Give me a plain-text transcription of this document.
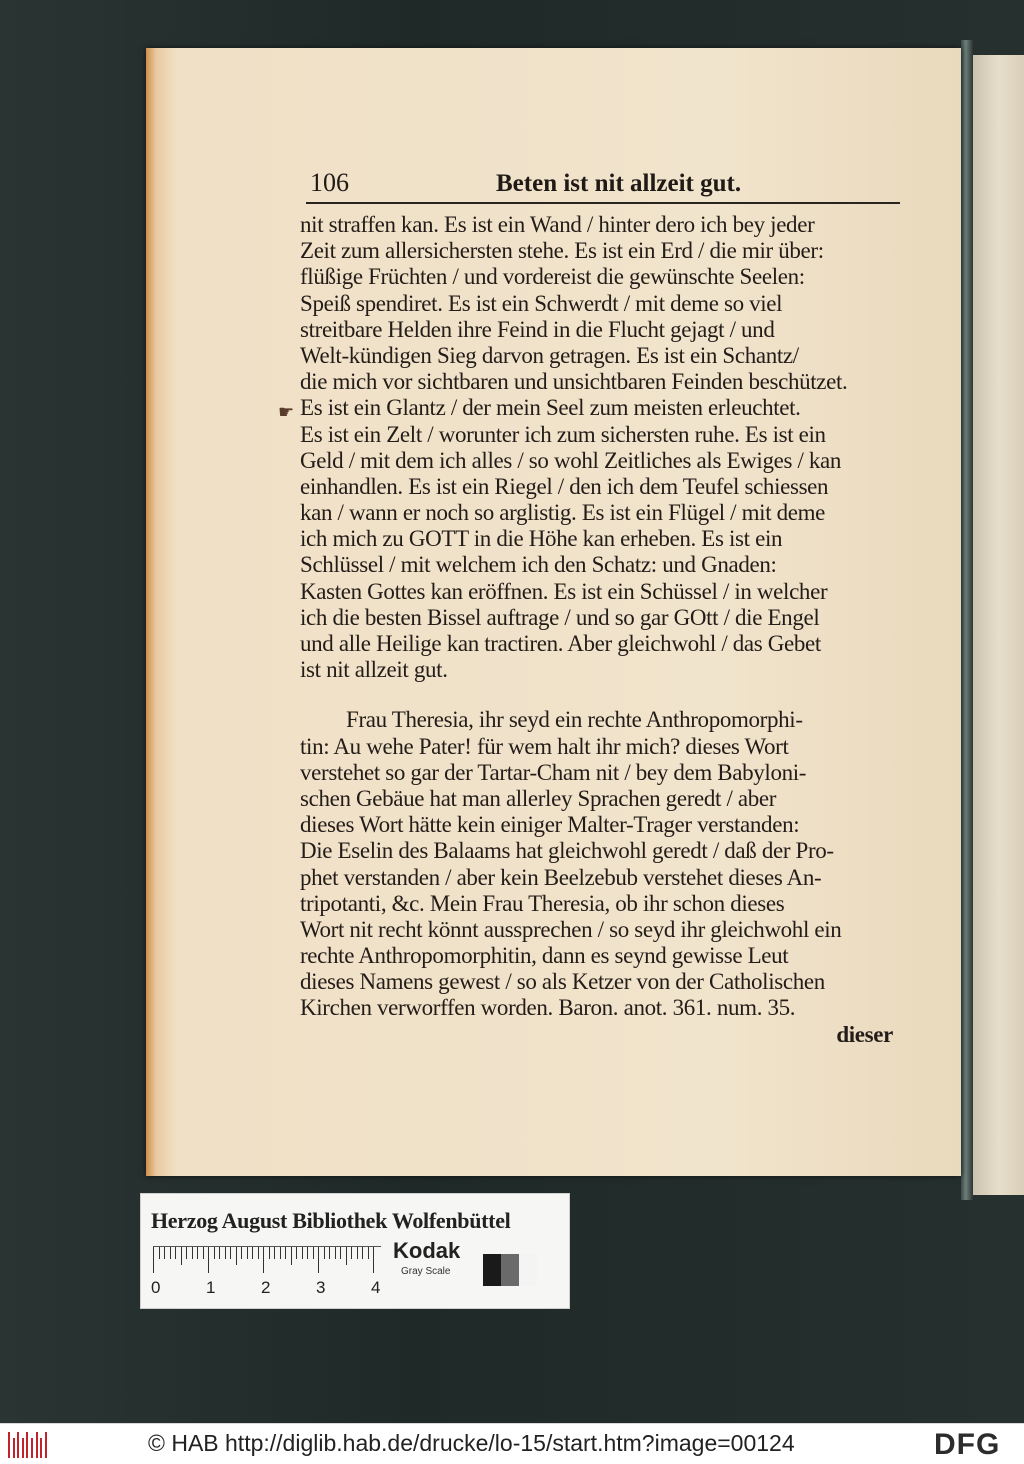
106	Beten ist nit allzeit gut.
☛
nit straffen kan. Es ist ein Wand / hinter dero ich bey jeder
Zeit zum allersichersten stehe. Es ist ein Erd / die mir über:
flüßige Früchten / und vordereist die gewünschte Seelen:
Speiß spendiret. Es ist ein Schwerdt / mit deme so viel
streitbare Helden ihre Feind in die Flucht gejagt / und
Welt-kündigen Sieg darvon getragen. Es ist ein Schantz/
die mich vor sichtbaren und unsichtbaren Feinden beschützet.
Es ist ein Glantz / der mein Seel zum meisten erleuchtet.
Es ist ein Zelt / worunter ich zum sichersten ruhe. Es ist ein
Geld / mit dem ich alles / so wohl Zeitliches als Ewiges / kan
einhandlen. Es ist ein Riegel / den ich dem Teufel schiessen
kan / wann er noch so arglistig. Es ist ein Flügel / mit deme
ich mich zu GOTT in die Höhe kan erheben. Es ist ein
Schlüssel / mit welchem ich den Schatz: und Gnaden:
Kasten Gottes kan eröffnen. Es ist ein Schüssel / in welcher
ich die besten Bissel auftrage / und so gar GOtt / die Engel
und alle Heilige kan tractiren. Aber gleichwohl / das Gebet
ist nit allzeit gut.
Frau Theresia, ihr seyd ein rechte Anthropomorphi-
tin: Au wehe Pater! für wem halt ihr mich? dieses Wort
verstehet so gar der Tartar-Cham nit / bey dem Babyloni-
schen Gebäue hat man allerley Sprachen geredt / aber
dieses Wort hätte kein einiger Malter-Trager verstanden:
Die Eselin des Balaams hat gleichwohl geredt / daß der Pro-
phet verstanden / aber kein Beelzebub verstehet dieses An-
tripotanti, &c. Mein Frau Theresia, ob ihr schon dieses
Wort nit recht könnt aussprechen / so seyd ihr gleichwohl ein
rechte Anthropomorphitin, dann es seynd gewisse Leut
dieses Namens gewest / so als Ketzer von der Catholischen
Kirchen verworffen worden. Baron. anot. 361. num. 35.
dieser
Herzog August Bibliothek Wolfenbüttel
0	1	2	3	4
Kodak
Gray Scale
© HAB http://diglib.hab.de/drucke/lo-15/start.htm?image=00124	DFG
